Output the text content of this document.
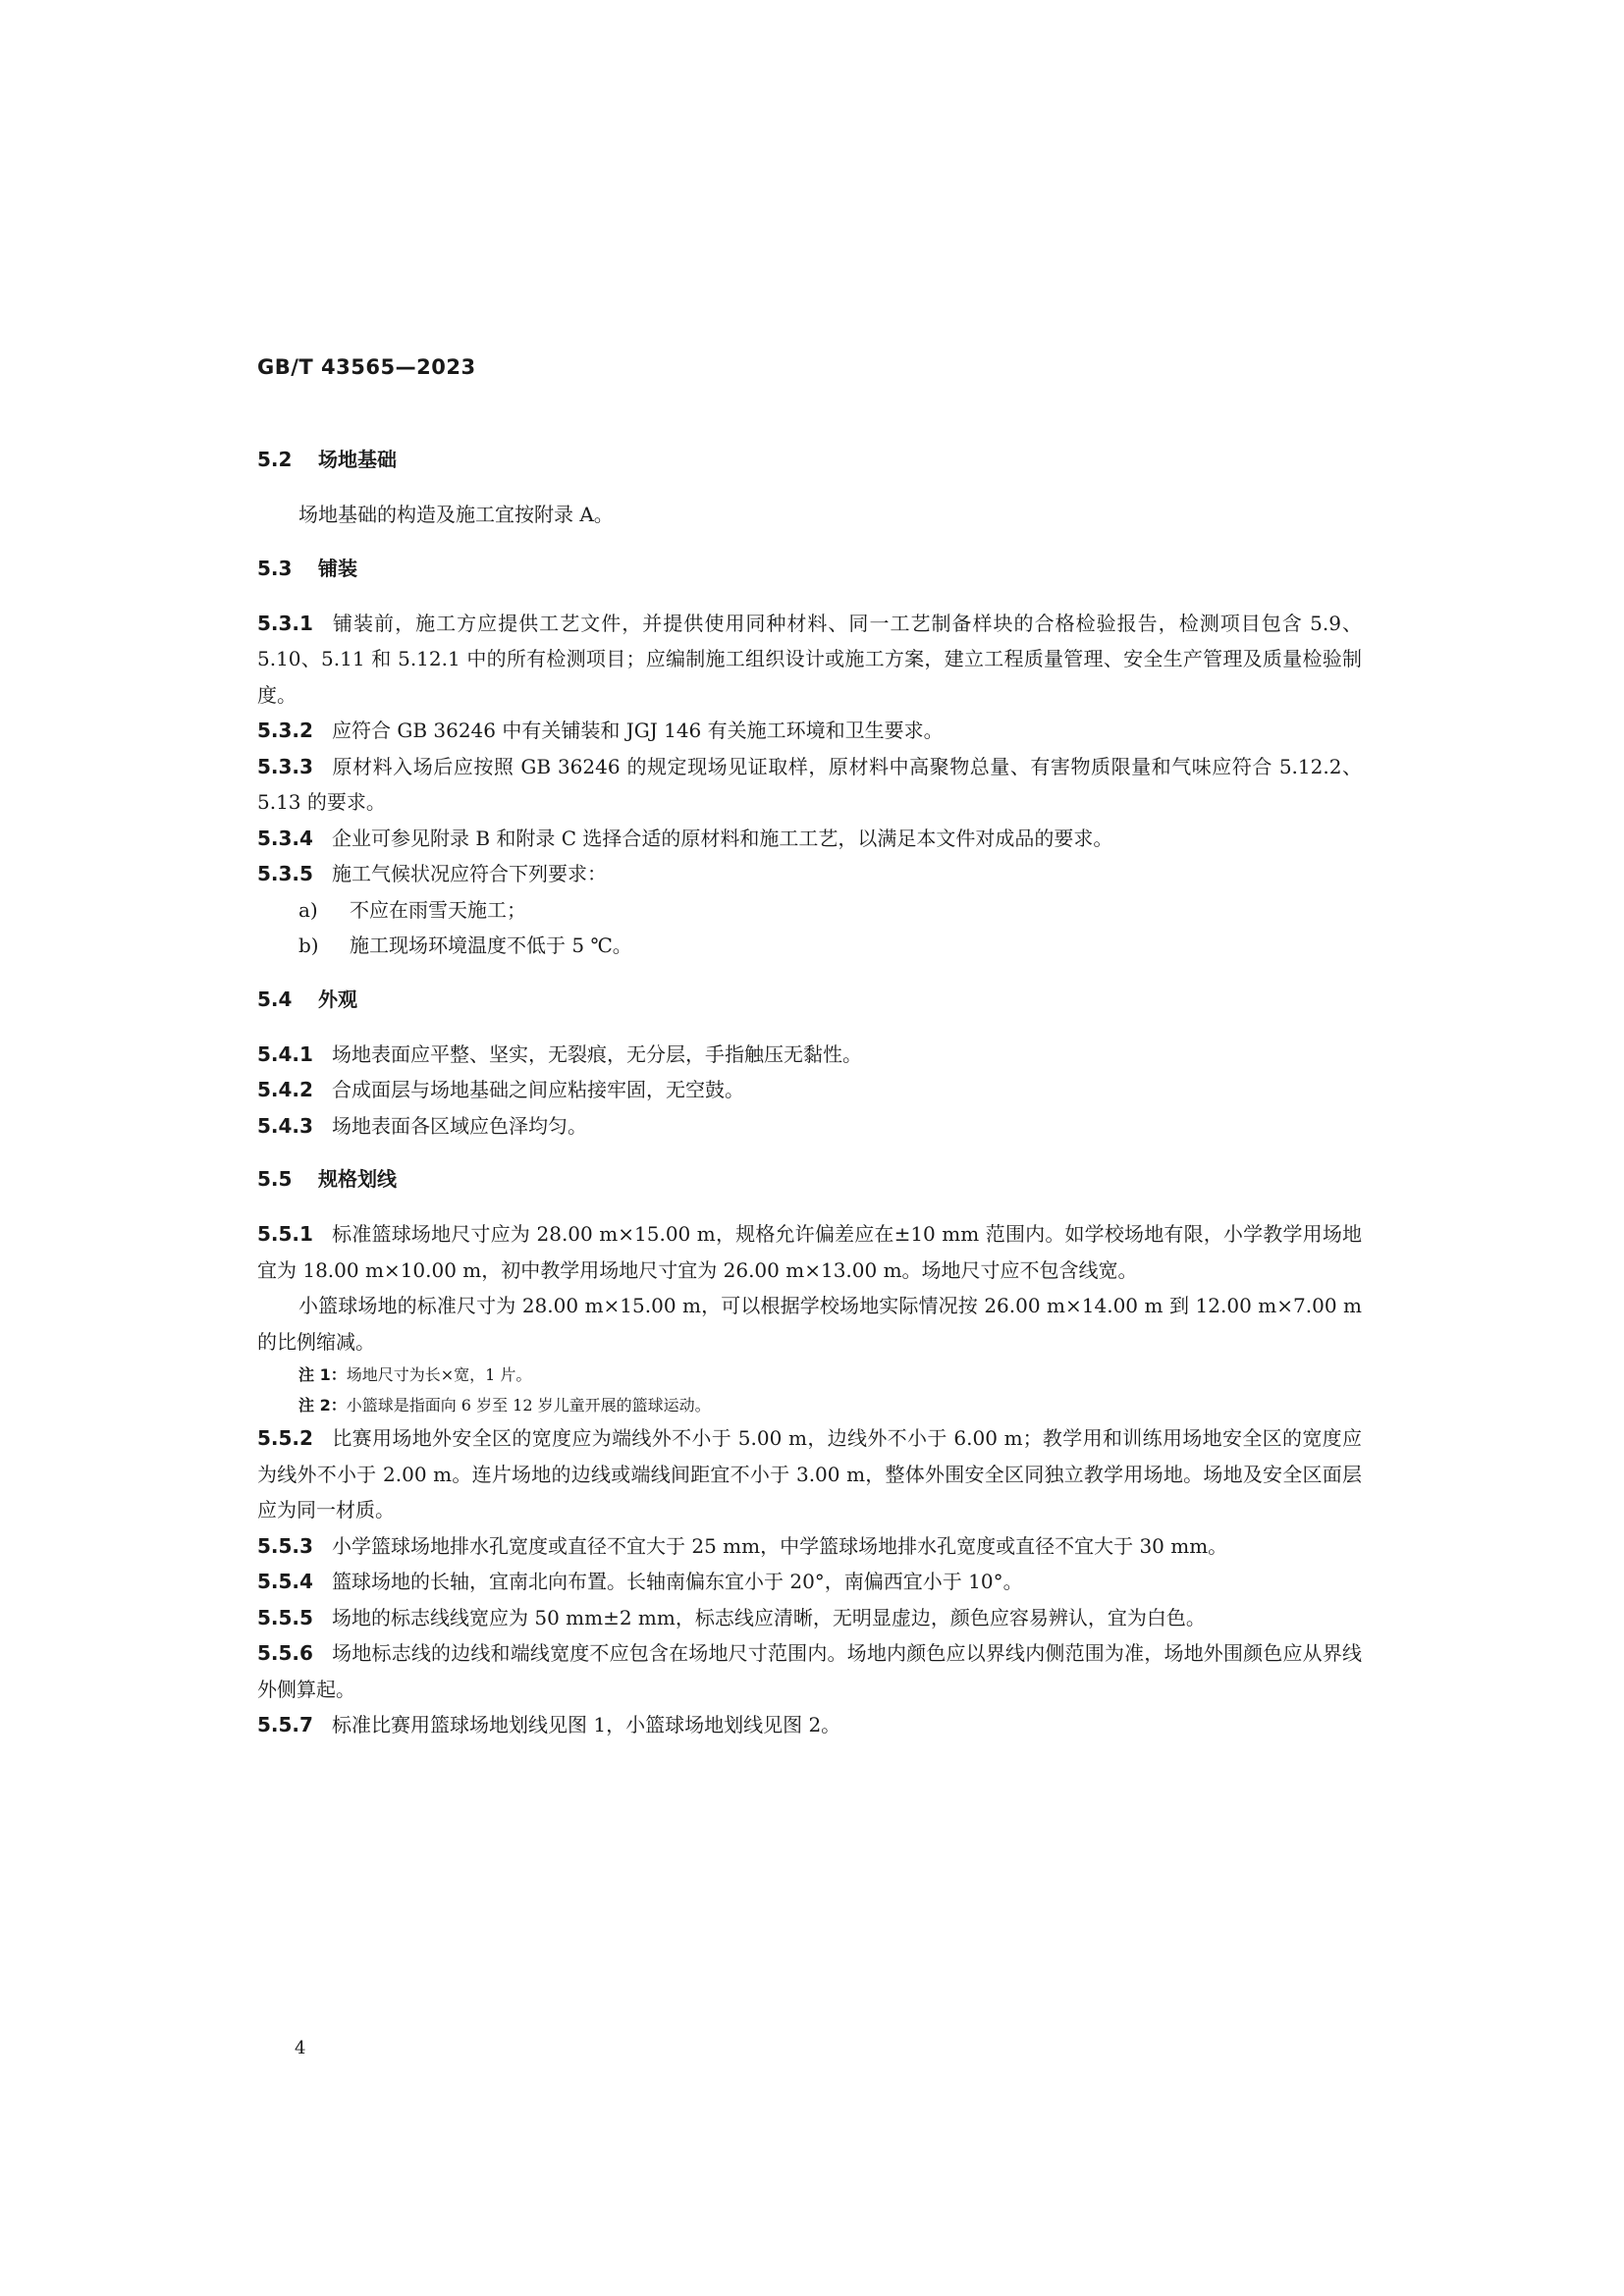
GB/T 43565—2023
5.2 场地基础

场地基础的构造及施工宜按附录 A。

5.3 铺装

5.3.1 铺装前，施工方应提供工艺文件，并提供使用同种材料、同一工艺制备样块的合格检验报告，检测项目包含 5.9、5.10、5.11 和 5.12.1 中的所有检测项目；应编制施工组织设计或施工方案，建立工程质量管理、安全生产管理及质量检验制度。

5.3.2 应符合 GB 36246 中有关铺装和 JGJ 146 有关施工环境和卫生要求。

5.3.3 原材料入场后应按照 GB 36246 的规定现场见证取样，原材料中高聚物总量、有害物质限量和气味应符合 5.12.2、5.13 的要求。

5.3.4 企业可参见附录 B 和附录 C 选择合适的原材料和施工工艺，以满足本文件对成品的要求。

5.3.5 施工气候状况应符合下列要求：

a) 不应在雨雪天施工；

b) 施工现场环境温度不低于 5 ℃。

5.4 外观

5.4.1 场地表面应平整、坚实，无裂痕，无分层，手指触压无黏性。

5.4.2 合成面层与场地基础之间应粘接牢固，无空鼓。

5.4.3 场地表面各区域应色泽均匀。

5.5 规格划线

5.5.1 标准篮球场地尺寸应为 28.00 m×15.00 m，规格允许偏差应在±10 mm 范围内。如学校场地有限，小学教学用场地宜为 18.00 m×10.00 m，初中教学用场地尺寸宜为 26.00 m×13.00 m。场地尺寸应不包含线宽。

小篮球场地的标准尺寸为 28.00 m×15.00 m，可以根据学校场地实际情况按 26.00 m×14.00 m 到 12.00 m×7.00 m 的比例缩减。

注 1：场地尺寸为长×宽，1 片。

注 2：小篮球是指面向 6 岁至 12 岁儿童开展的篮球运动。

5.5.2 比赛用场地外安全区的宽度应为端线外不小于 5.00 m，边线外不小于 6.00 m；教学用和训练用场地安全区的宽度应为线外不小于 2.00 m。连片场地的边线或端线间距宜不小于 3.00 m，整体外围安全区同独立教学用场地。场地及安全区面层应为同一材质。

5.5.3 小学篮球场地排水孔宽度或直径不宜大于 25 mm，中学篮球场地排水孔宽度或直径不宜大于 30 mm。

5.5.4 篮球场地的长轴，宜南北向布置。长轴南偏东宜小于 20°，南偏西宜小于 10°。

5.5.5 场地的标志线线宽应为 50 mm±2 mm，标志线应清晰，无明显虚边，颜色应容易辨认，宜为白色。

5.5.6 场地标志线的边线和端线宽度不应包含在场地尺寸范围内。场地内颜色应以界线内侧范围为准，场地外围颜色应从界线外侧算起。

5.5.7 标准比赛用篮球场地划线见图 1，小篮球场地划线见图 2。

4
